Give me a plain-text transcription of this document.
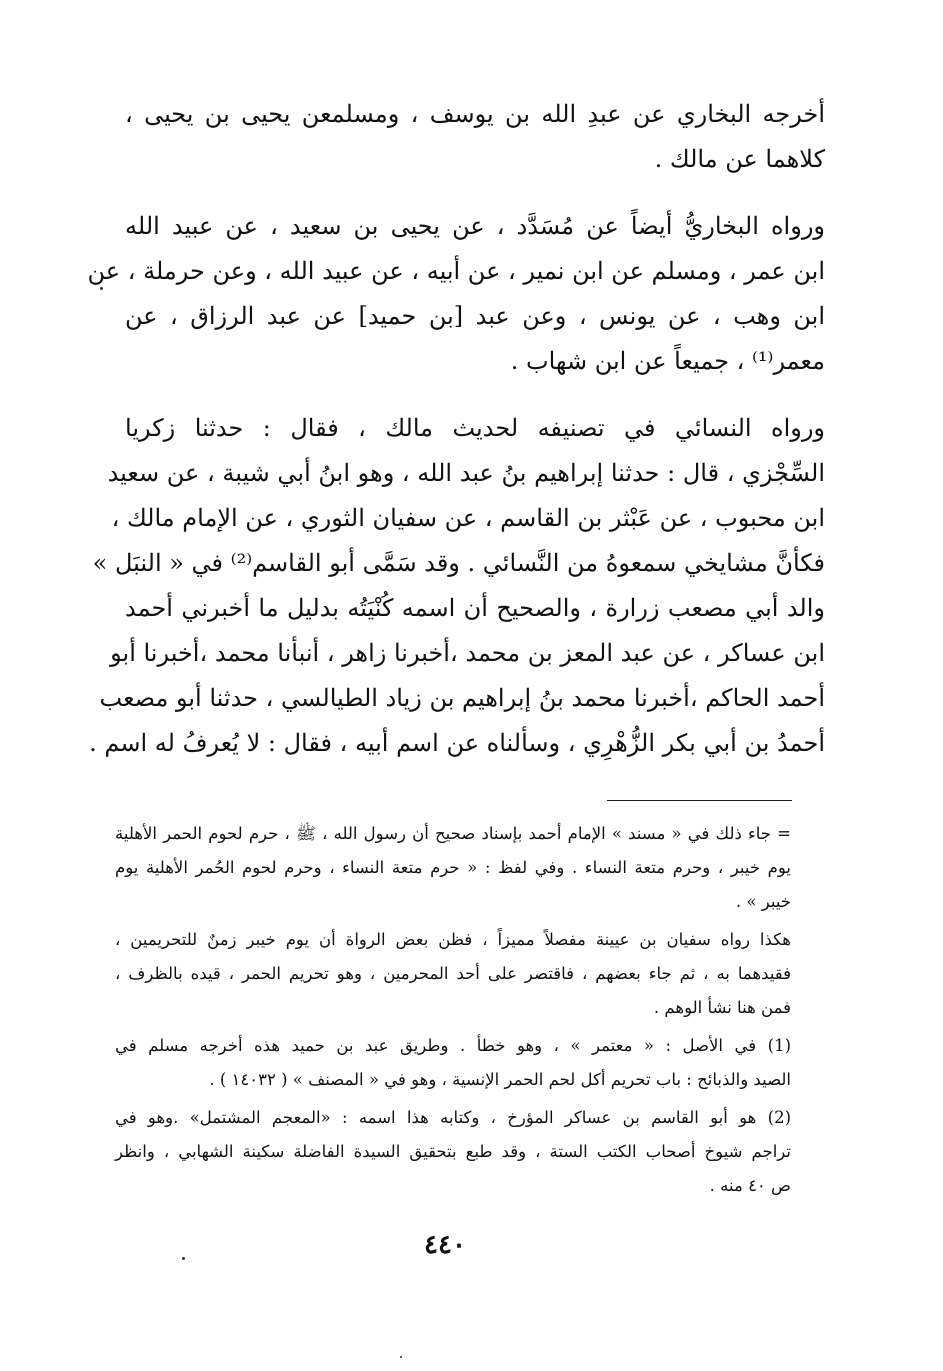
أخرجه البخاري عن عبدِ الله بن يوسف ، ومسلمعن يحيى بن يحيى ،
كلاهما عن مالك .
ورواه البخاريُّ أيضاً عن مُسَدَّد ، عن يحيى بن سعيد ، عن عبيد الله
ابن عمر ، ومسلم عن ابن نمير ، عن أبيه ، عن عبيد الله ، وعن حرملة ، عن
ابن وهب ، عن يونس ، وعن عبد [بن حميد] عن عبد الرزاق ، عن
معمر⁽¹⁾ ، جميعاً عن ابن شهاب .
ورواه النسائي في تصنيفه لحديث مالك ، فقال : حدثنا زكريا
السِّجْزي ، قال : حدثنا إبراهيم بنُ عبد الله ، وهو ابنُ أبي شيبة ، عن سعيد
ابن محبوب ، عن عَبْثر بن القاسم ، عن سفيان الثوري ، عن الإمام مالك ،
فكأنَّ مشايخي سمعوهُ من النَّسائي . وقد سَمَّى أبو القاسم⁽²⁾ في « النبَل »
والد أبي مصعب زرارة ، والصحيح أن اسمه كُنْيَتُه بدليل ما أخبرني أحمد
ابن عساكر ، عن عبد المعز بن محمد ،أخبرنا زاهر ، أنبأنا محمد ،أخبرنا أبو
أحمد الحاكم ،أخبرنا محمد بنُ إبراهيم بن زياد الطيالسي ، حدثنا أبو مصعب
أحمدُ بن أبي بكر الزُّهْرِي ، وسألناه عن اسم أبيه ، فقال : لا يُعرفُ له اسم .
= جاء ذلك في « مسند » الإمام أحمد بإسناد صحيح أن رسول الله ، ﷺ ، حرم لحوم الحمر الأهلية
يوم خيبر ، وحرم متعة النساء . وفي لفظ : « حرم متعة النساء ، وحرم لحوم الحُمر الأهلية يوم
خيبر » .
هكذا رواه سفيان بن عيينة مفصلاً مميزاً ، فظن بعض الرواة أن يوم خيبر زمنٌ للتحريمين ،
فقيدهما به ، ثم جاء بعضهم ، فاقتصر على أحد المحرمين ، وهو تحريم الحمر ، قيده بالظرف ،
فمن هنا نشأ الوهم .
(1) في الأصل : « معتمر » ، وهو خطأ . وطريق عبد بن حميد هذه أخرجه مسلم في
الصيد والذبائح : باب تحريم أكل لحم الحمر الإنسية ، وهو في « المصنف » ( ١٤٠٣٢ ) .
(2) هو أبو القاسم بن عساكر المؤرخ ، وكتابه هذا اسمه : «المعجم المشتمل» .وهو في
تراجم شيوخ أصحاب الكتب الستة ، وقد طبع بتحقيق السيدة الفاضلة سكينة الشهابي ، وانظر
ص ٤٠ منه .
٤٤٠
